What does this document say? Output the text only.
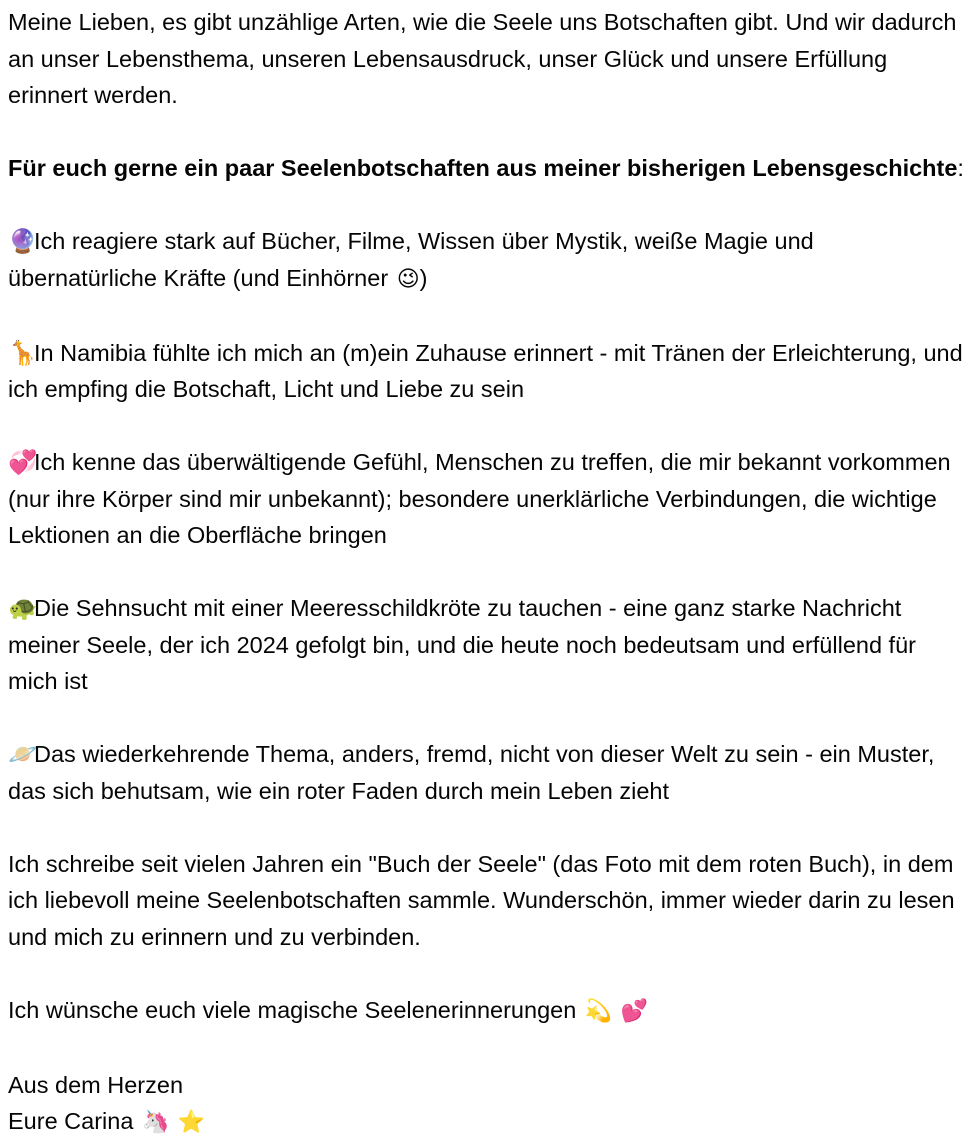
Meine Lieben, es gibt unzählige Arten, wie die Seele uns Botschaften gibt. Und wir dadurch an unser Lebensthema, unseren Lebensausdruck, unser Glück und unsere Erfüllung erinnert werden.

Für euch gerne ein paar Seelenbotschaften aus meiner bisherigen Lebensgeschichte:

🔮Ich reagiere stark auf Bücher, Filme, Wissen über Mystik, weiße Magie und übernatürliche Kräfte (und Einhörner 😉)

🦒In Namibia fühlte ich mich an (m)ein Zuhause erinnert - mit Tränen der Erleichterung, und ich empfing die Botschaft, Licht und Liebe zu sein

💞Ich kenne das überwältigende Gefühl, Menschen zu treffen, die mir bekannt vorkommen (nur ihre Körper sind mir unbekannt); besondere unerklärliche Verbindungen, die wichtige Lektionen an die Oberfläche bringen

🐢Die Sehnsucht mit einer Meeresschildkröte zu tauchen - eine ganz starke Nachricht meiner Seele, der ich 2024 gefolgt bin, und die heute noch bedeutsam und erfüllend für mich ist

🪐Das wiederkehrende Thema, anders, fremd, nicht von dieser Welt zu sein - ein Muster, das sich behutsam, wie ein roter Faden durch mein Leben zieht

Ich schreibe seit vielen Jahren ein "Buch der Seele" (das Foto mit dem roten Buch), in dem ich liebevoll meine Seelenbotschaften sammle. Wunderschön, immer wieder darin zu lesen und mich zu erinnern und zu verbinden.

Ich wünsche euch viele magische Seelenerinnerungen 💫 💕

Aus dem Herzen

Eure Carina 🦄 ⭐
